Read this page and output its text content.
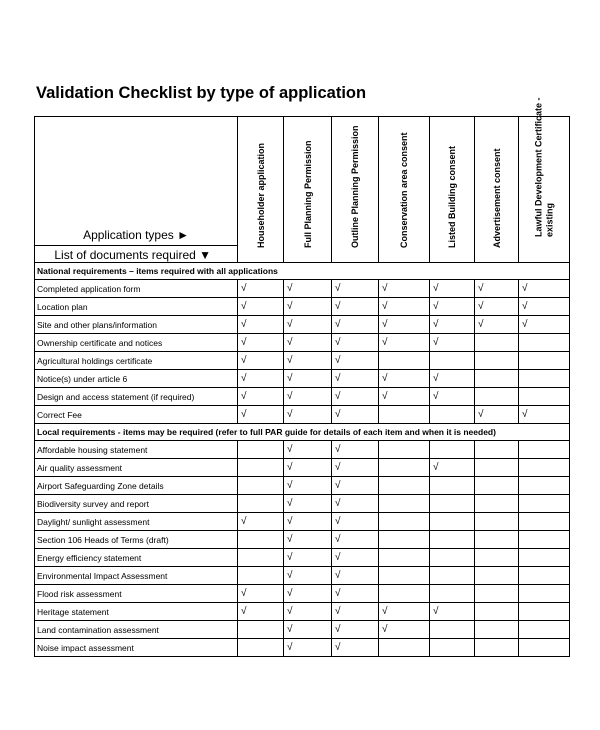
Validation Checklist by type of application
Application types ►
List of documents required ▼	Householder application	Full Planning Permission	Outline Planning Permission	Conservation area consent	Listed Building consent	Advertisement consent	Lawful Development Certificate - existing

National requirements – items required with all applications							
Completed application form	√	√	√	√	√	√	√
Location plan	√	√	√	√	√	√	√
Site and other plans/information	√	√	√	√	√	√	√
Ownership certificate and notices	√	√	√	√	√		
Agricultural holdings certificate	√	√	√				
Notice(s) under article 6	√	√	√	√	√		
Design and access statement (if required)	√	√	√	√	√		
Correct Fee	√	√	√			√	√
Local requirements - items may be required (refer to full PAR guide for details of each item and when it is needed)							
Affordable housing statement		√	√				
Air quality assessment		√	√		√		
Airport Safeguarding Zone details		√	√				
Biodiversity survey and report		√	√				
Daylight/ sunlight assessment	√	√	√				
Section 106 Heads of Terms (draft)		√	√				
Energy efficiency statement		√	√				
Environmental Impact Assessment		√	√				
Flood risk assessment	√	√	√				
Heritage statement	√	√	√	√	√		
Land contamination assessment		√	√	√			
Noise impact assessment		√	√				
